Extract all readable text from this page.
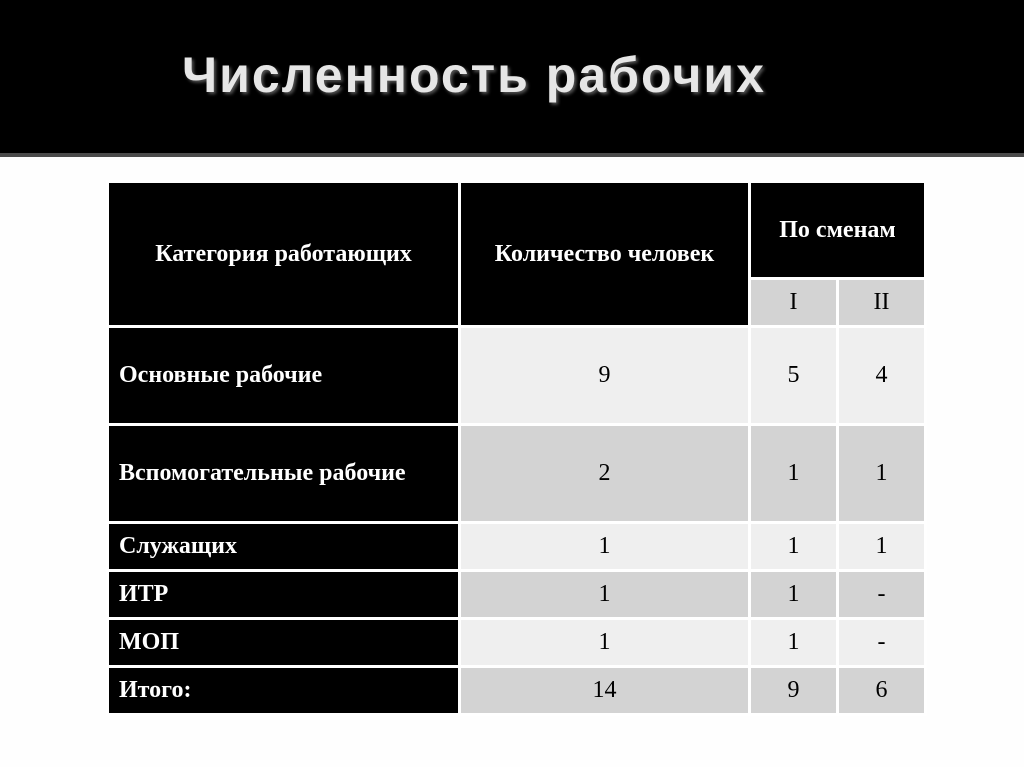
Численность рабочих
Категория работающих	Количество человек	По сменам	
		I	II
Основные рабочие	9	5	4
Вспомогательные рабочие	2	1	1
Служащих	1	1	1
ИТР	1	1	-
МОП	1	1	-
Итого:	14	9	6
